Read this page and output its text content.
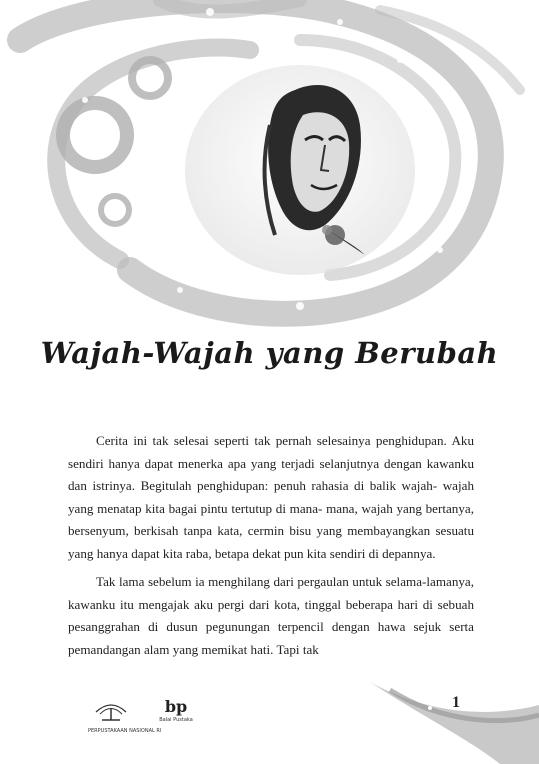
Wajah-Wajah yang Berubah

Cerita ini tak selesai seperti tak pernah selesainya penghidupan. Aku sendiri hanya dapat menerka apa yang terjadi selanjutnya dengan kawanku dan istrinya. Begitulah penghidupan: penuh rahasia di balik wajah- wajah yang menatap kita bagai pintu tertutup di mana- mana, wajah yang bertanya, bersenyum, berkisah tanpa kata, cermin bisu yang membayangkan sesuatu yang hanya dapat kita raba, betapa dekat pun kita sendiri di depannya.

Tak lama sebelum ia menghilang dari pergaulan untuk selama-lamanya, kawanku itu mengajak aku pergi dari kota, tinggal beberapa hari di sebuah pesanggrahan di dusun pegunungan terpencil dengan hawa sejuk serta pemandangan alam yang memikat hati. Tapi tak

1
PERPUSTAKAAN NASIONAL RI
bp
Balai Pustaka
